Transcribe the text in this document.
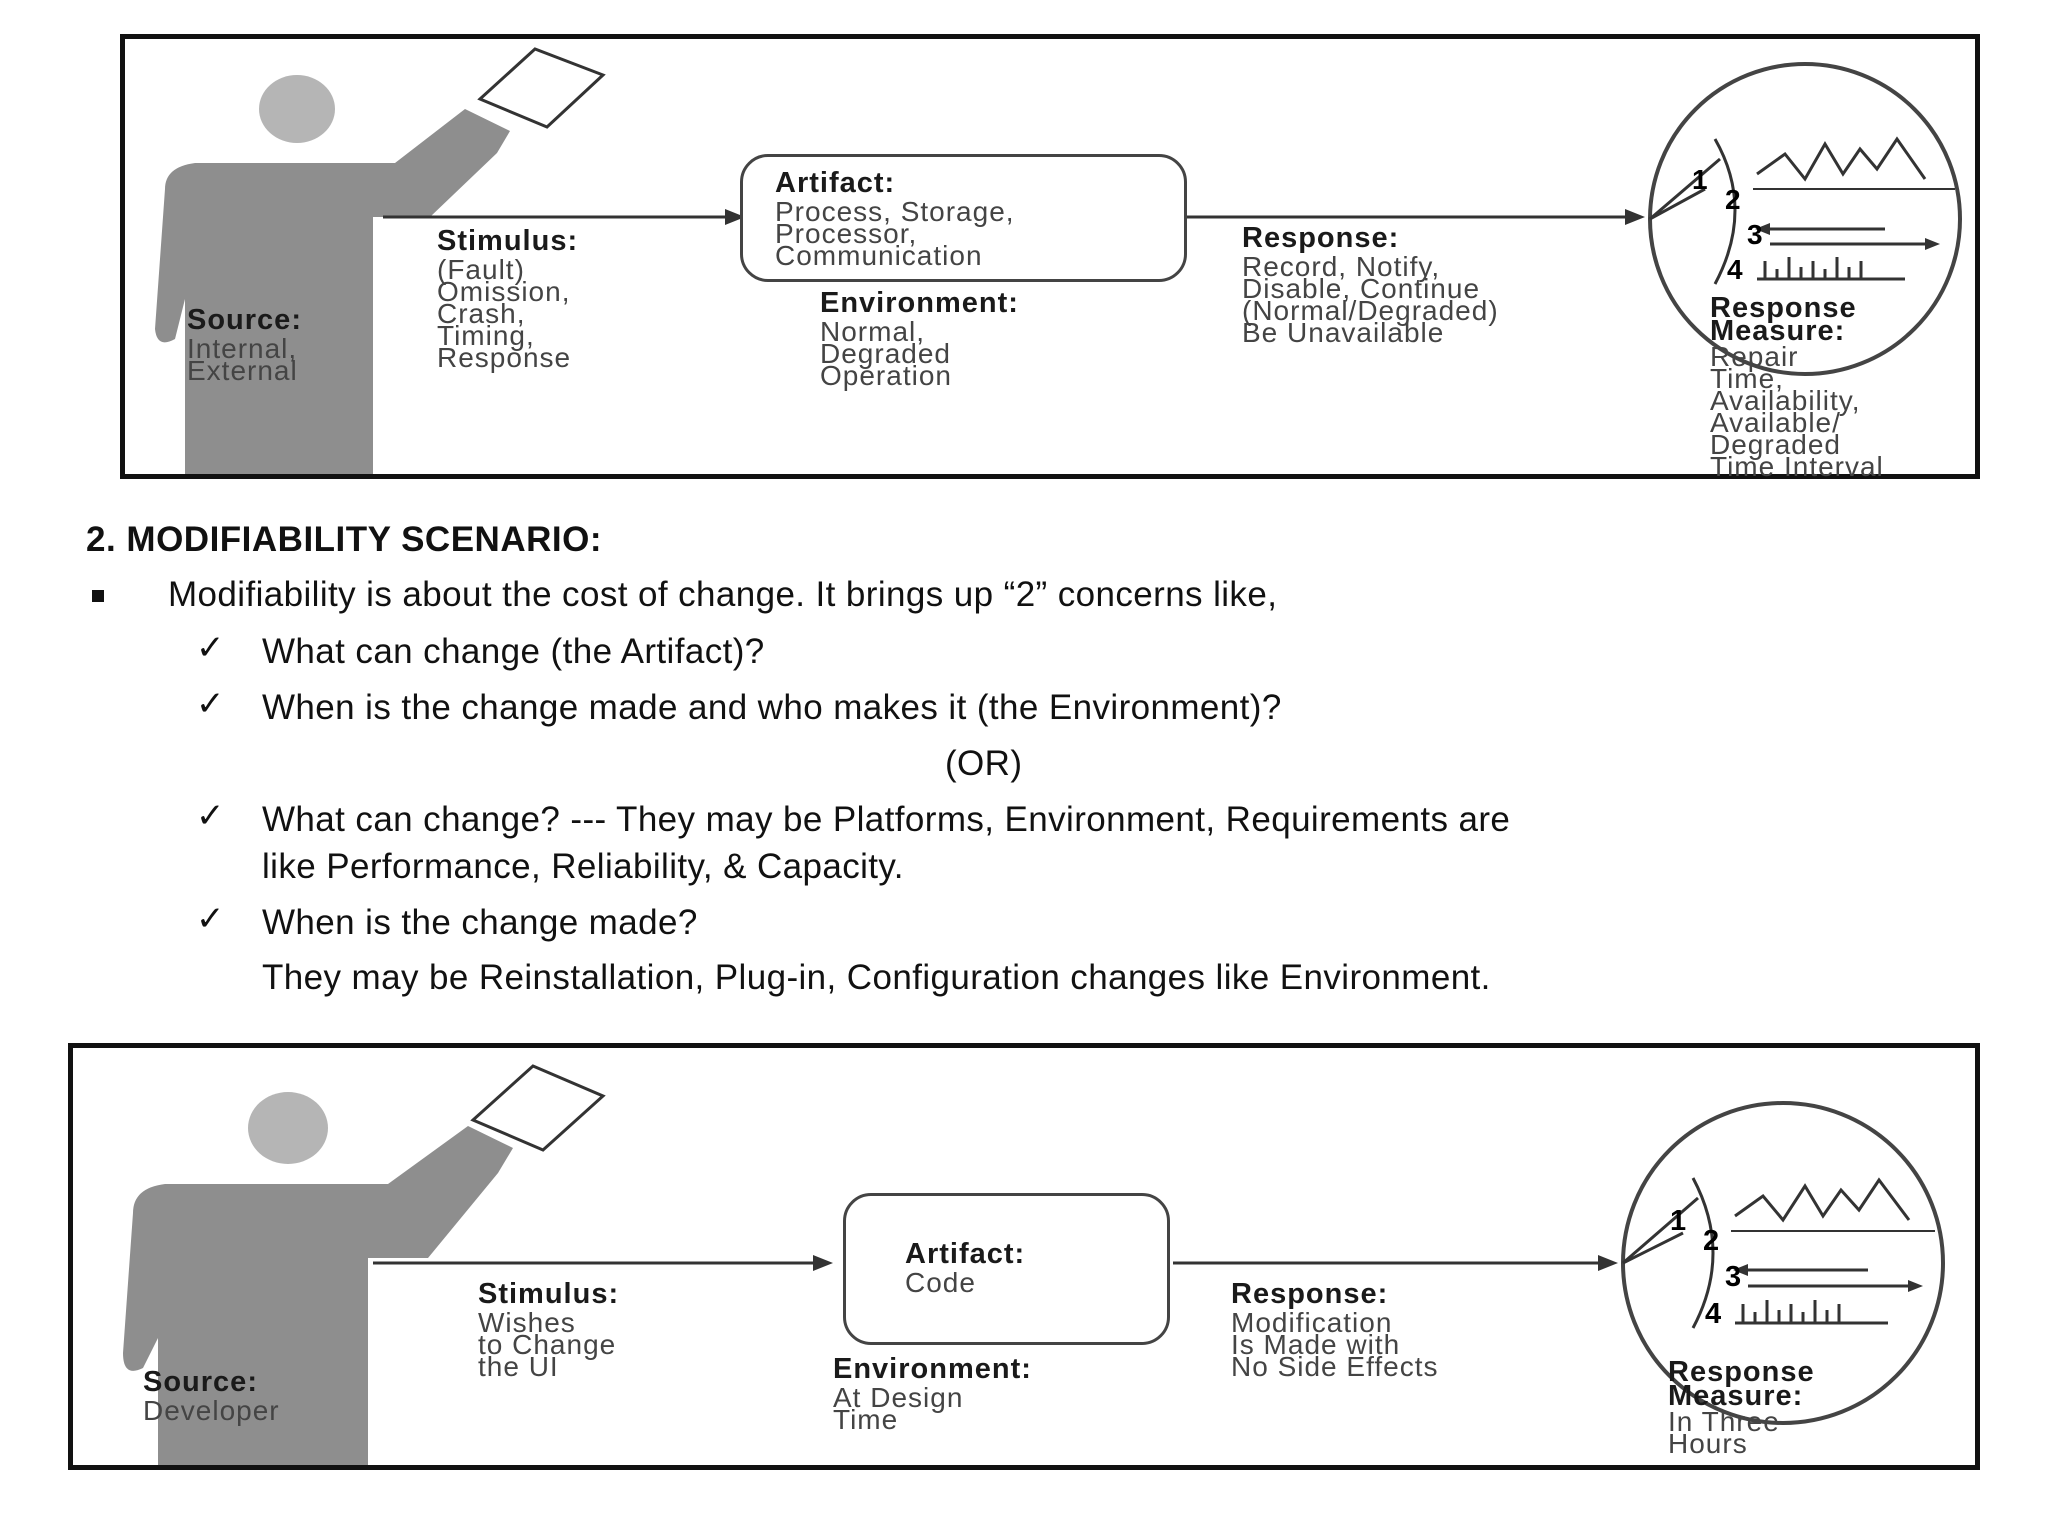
1
2
3
4
Source:
Internal,
External
Stimulus:
(Fault)
Omission,
Crash,
Timing,
Response
Artifact:
Process, Storage,
Processor,
Communication
Environment:
Normal,
Degraded
Operation
Response:
Record, Notify,
Disable, Continue
(Normal/Degraded)
Be Unavailable
Response
Measure:
Repair
Time,
Availability,
Available/
Degraded
Time Interval
2. MODIFIABILITY SCENARIO:
Modifiability is about the cost of change. It brings up “2” concerns like,
✓ What can change (the Artifact)?
✓ When is the change made and who makes it (the Environment)?
(OR)
✓ What can change? --- They may be Platforms, Environment, Requirements are
like Performance, Reliability, & Capacity.
✓ When is the change made?
They may be Reinstallation, Plug-in, Configuration changes like Environment.
1
2
3
4
Source:
Developer
Stimulus:
Wishes
to Change
the UI
Artifact:
Code
Environment:
At Design
Time
Response:
Modification
Is Made with
No Side Effects	Response
Measure:
In Three
Hours
